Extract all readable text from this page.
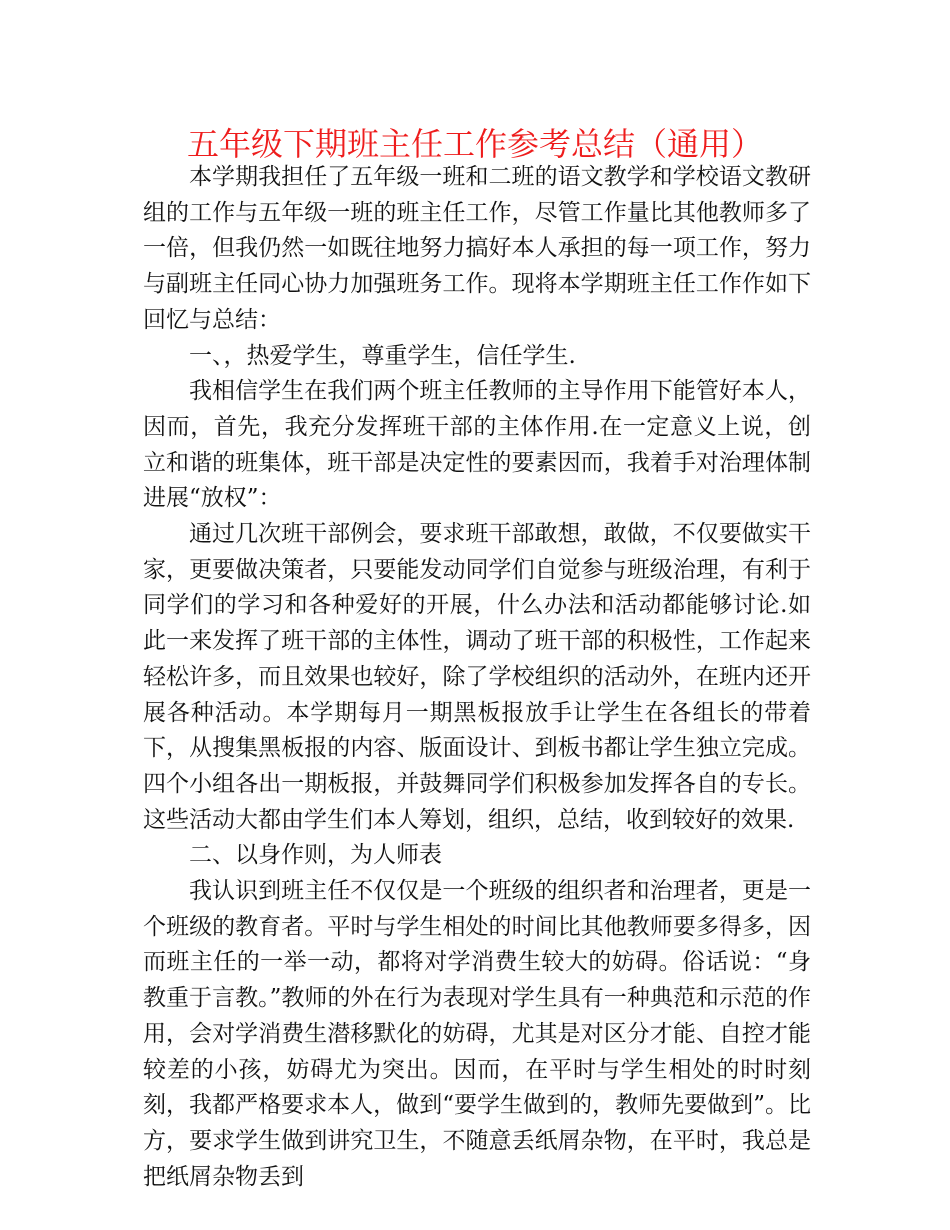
五年级下期班主任工作参考总结（通用）

本学期我担任了五年级一班和二班的语文教学和学校语文教研组的工作与五年级一班的班主任工作，尽管工作量比其他教师多了一倍，但我仍然一如既往地努力搞好本人承担的每一项工作，努力与副班主任同心协力加强班务工作。现将本学期班主任工作作如下回忆与总结：

一、，热爱学生，尊重学生，信任学生.

我相信学生在我们两个班主任教师的主导作用下能管好本人，因而，首先，我充分发挥班干部的主体作用.在一定意义上说，创立和谐的班集体，班干部是决定性的要素因而，我着手对治理体制进展“放权”：

通过几次班干部例会，要求班干部敢想，敢做，不仅要做实干家，更要做决策者，只要能发动同学们自觉参与班级治理，有利于同学们的学习和各种爱好的开展，什么办法和活动都能够讨论.如此一来发挥了班干部的主体性，调动了班干部的积极性，工作起来轻松许多，而且效果也较好，除了学校组织的活动外，在班内还开展各种活动。本学期每月一期黑板报放手让学生在各组长的带着下，从搜集黑板报的内容、版面设计、到板书都让学生独立完成。四个小组各出一期板报，并鼓舞同学们积极参加发挥各自的专长。这些活动大都由学生们本人筹划，组织，总结，收到较好的效果.

二、以身作则，为人师表

我认识到班主任不仅仅是一个班级的组织者和治理者，更是一个班级的教育者。平时与学生相处的时间比其他教师要多得多，因而班主任的一举一动，都将对学消费生较大的妨碍。俗话说：“身教重于言教。”教师的外在行为表现对学生具有一种典范和示范的作用，会对学消费生潜移默化的妨碍，尤其是对区分才能、自控才能较差的小孩，妨碍尤为突出。因而，在平时与学生相处的时时刻刻，我都严格要求本人，做到“要学生做到的，教师先要做到”。比方，要求学生做到讲究卫生，不随意丢纸屑杂物，在平时，我总是把纸屑杂物丢到
